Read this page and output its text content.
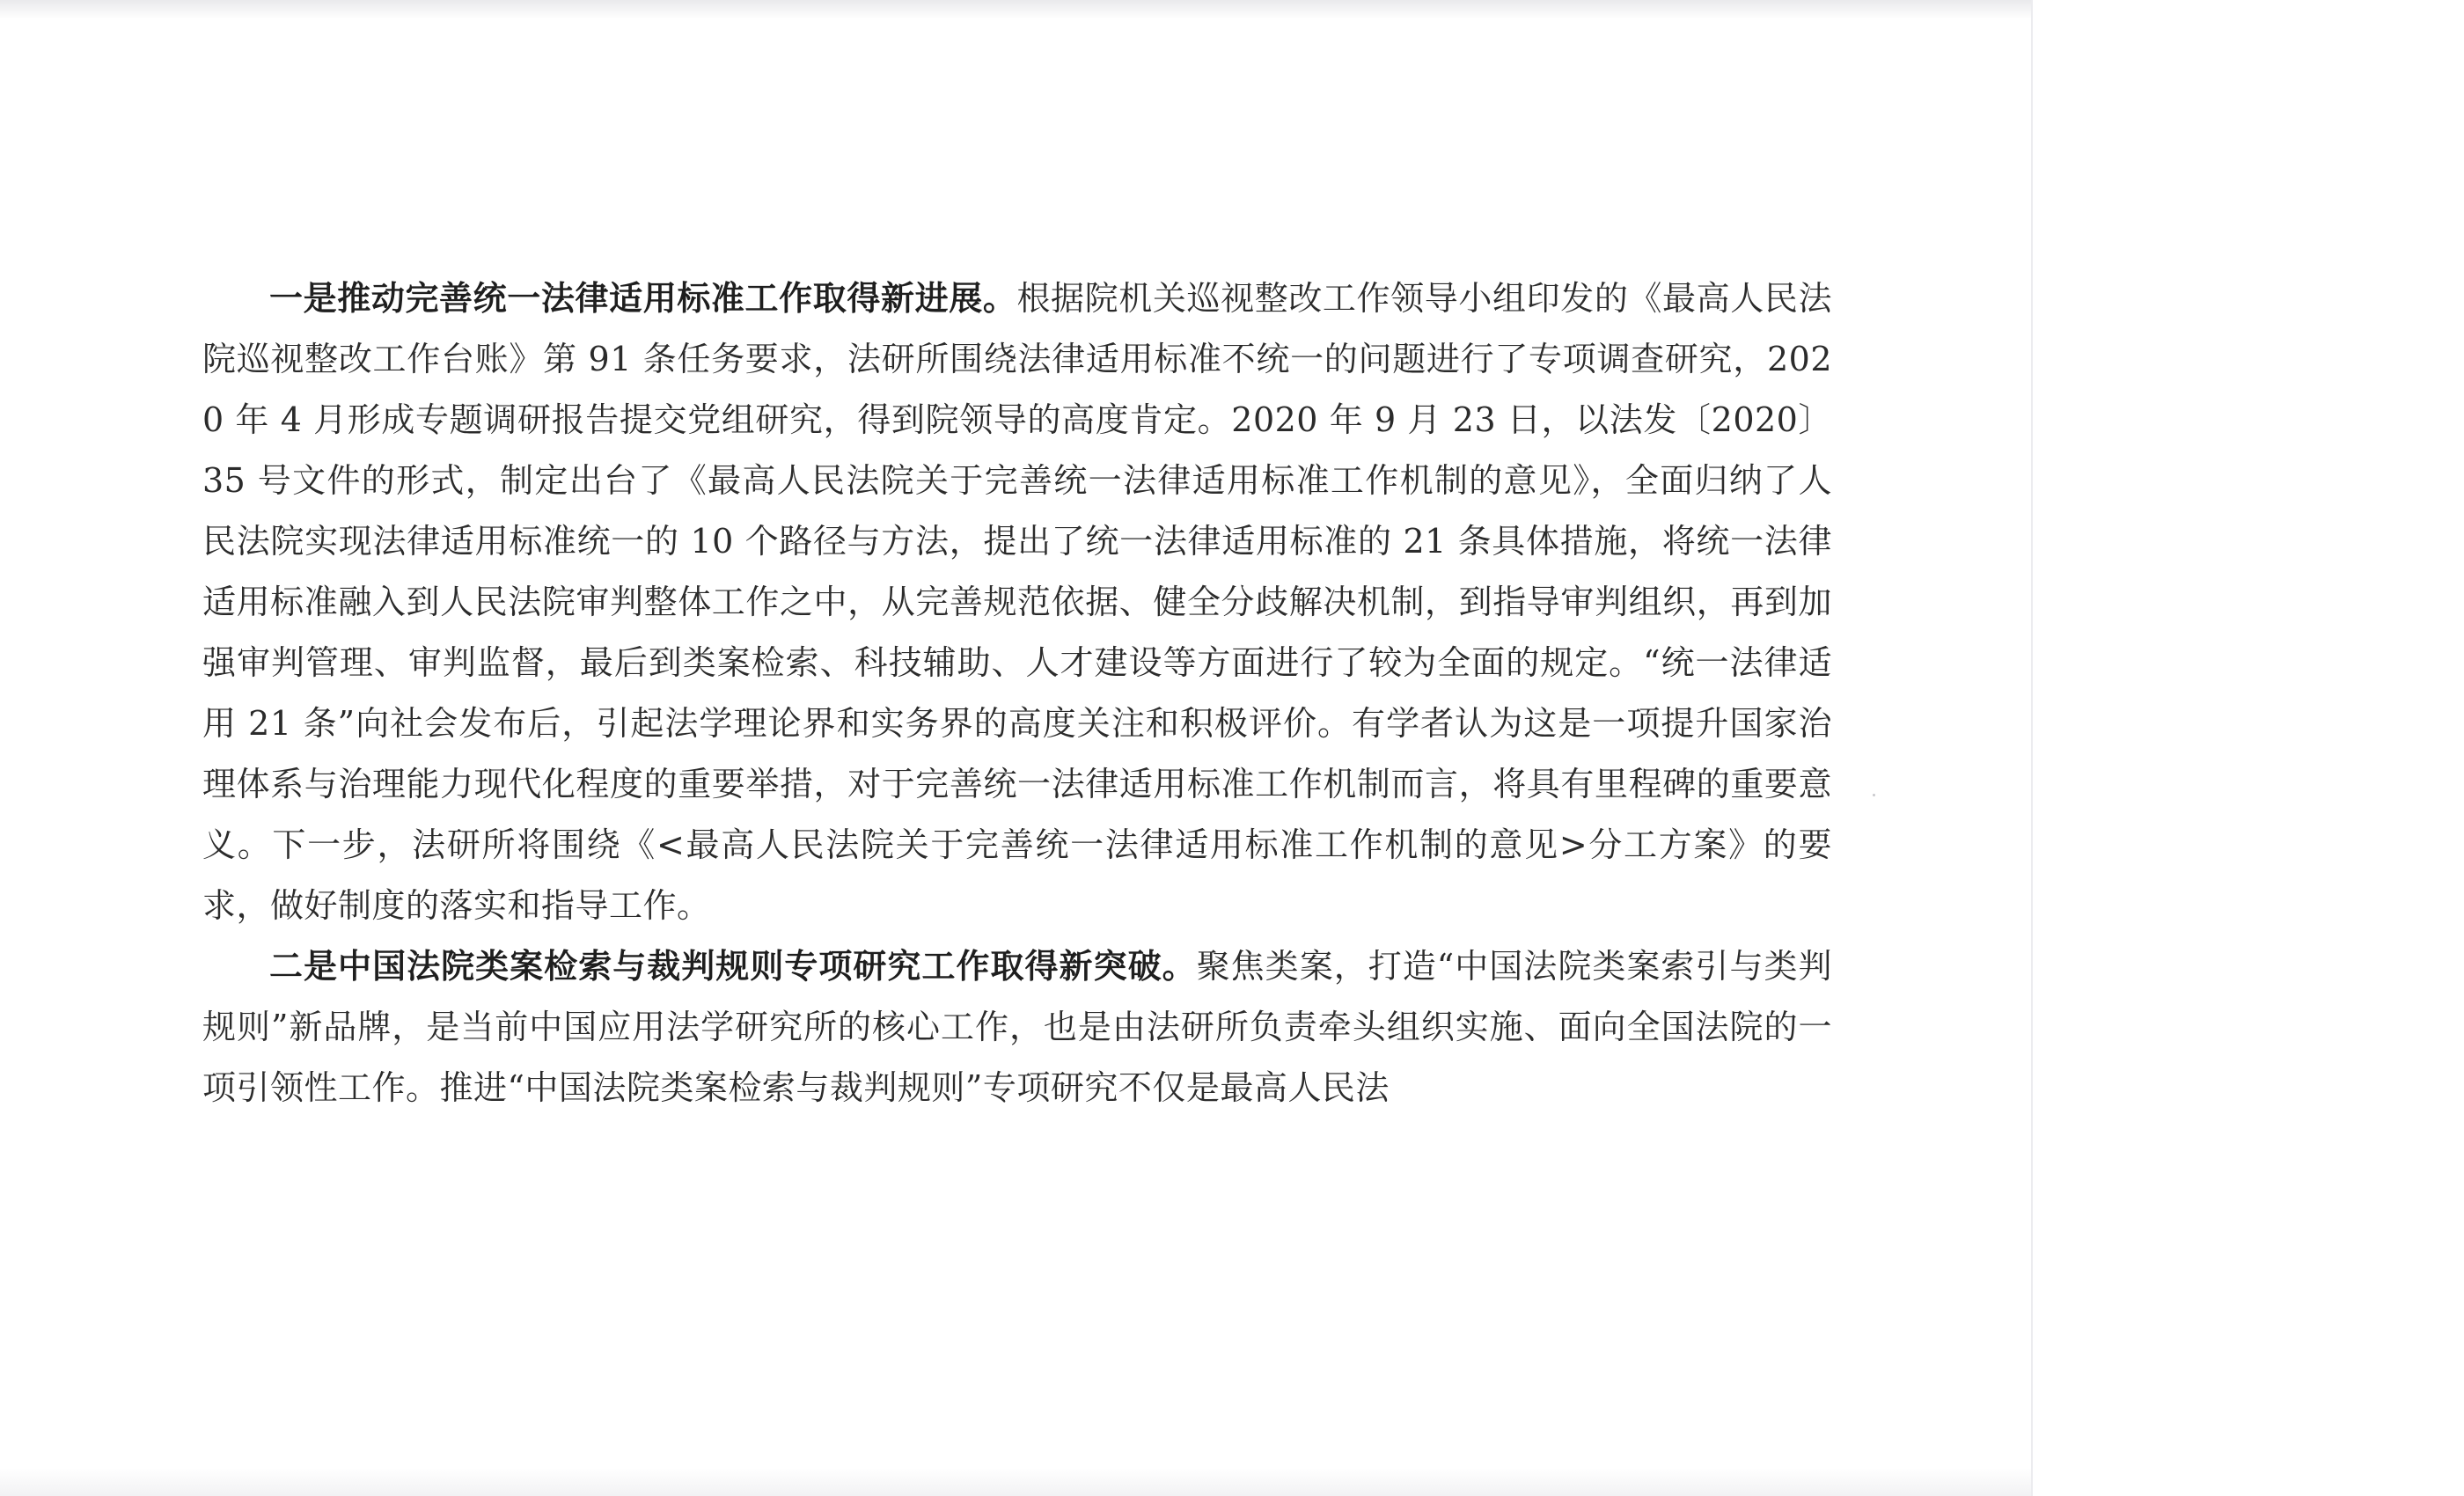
一是推动完善统一法律适用标准工作取得新进展。根据院机关巡视整改工作领导小组印发的《最高人民法院巡视整改工作台账》第 91 条任务要求，法研所围绕法律适用标准不统一的问题进行了专项调查研究，2020 年 4 月形成专题调研报告提交党组研究，得到院领导的高度肯定。2020 年 9 月 23 日，以法发〔2020〕35 号文件的形式，制定出台了《最高人民法院关于完善统一法律适用标准工作机制的意见》，全面归纳了人民法院实现法律适用标准统一的 10 个路径与方法，提出了统一法律适用标准的 21 条具体措施，将统一法律适用标准融入到人民法院审判整体工作之中，从完善规范依据、健全分歧解决机制，到指导审判组织，再到加强审判管理、审判监督，最后到类案检索、科技辅助、人才建设等方面进行了较为全面的规定。“统一法律适用 21 条”向社会发布后，引起法学理论界和实务界的高度关注和积极评价。有学者认为这是一项提升国家治理体系与治理能力现代化程度的重要举措，对于完善统一法律适用标准工作机制而言，将具有里程碑的重要意义。下一步，法研所将围绕《<最高人民法院关于完善统一法律适用标准工作机制的意见>分工方案》的要求，做好制度的落实和指导工作。

二是中国法院类案检索与裁判规则专项研究工作取得新突破。聚焦类案，打造“中国法院类案索引与类判规则”新品牌，是当前中国应用法学研究所的核心工作，也是由法研所负责牵头组织实施、面向全国法院的一项引领性工作。推进“中国法院类案检索与裁判规则”专项研究不仅是最高人民法
